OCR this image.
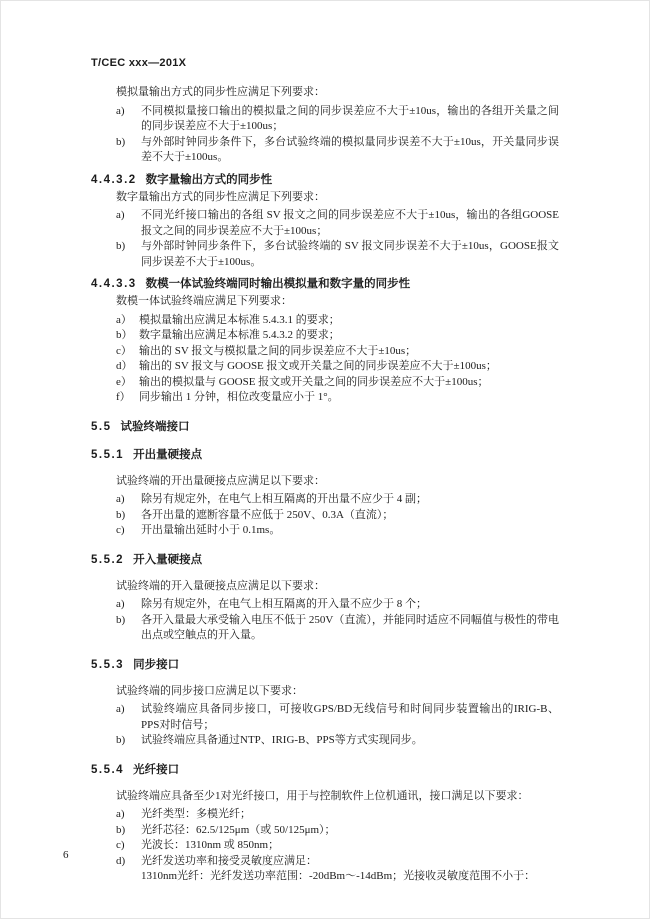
T/CEC xxx—201X

模拟量输出方式的同步性应满足下列要求：

a)	不同模拟量接口输出的模拟量之间的同步误差应不大于±10us，输出的各组开关量之间的同步误差应不大于±100us；
b)	与外部时钟同步条件下，多台试验终端的模拟量同步误差不大于±10us，开关量同步误差不大于±100us。
4.4.3.2 数字量输出方式的同步性

数字量输出方式的同步性应满足下列要求：

a)	不同光纤接口输出的各组 SV 报文之间的同步误差应不大于±10us，输出的各组GOOSE 报文之间的同步误差应不大于±100us；
b)	与外部时钟同步条件下，多台试验终端的 SV 报文同步误差不大于±10us，GOOSE报文同步误差不大于±100us。
4.4.3.3 数模一体试验终端同时输出模拟量和数字量的同步性

数模一体试验终端应满足下列要求：

a） 模拟量输出应满足本标准 5.4.3.1 的要求；
b） 数字量输出应满足本标准 5.4.3.2 的要求；
c） 输出的 SV 报文与模拟量之间的同步误差应不大于±10us；
d） 输出的 SV 报文与 GOOSE 报文或开关量之间的同步误差应不大于±100us；
e） 输出的模拟量与 GOOSE 报文或开关量之间的同步误差应不大于±100us；
f） 同步输出 1 分钟，相位改变量应小于 1°。
5.5 试验终端接口
5.5.1 开出量硬接点

试验终端的开出量硬接点应满足以下要求：

a)	除另有规定外，在电气上相互隔离的开出量不应少于 4 副；
b)	各开出量的遮断容量不应低于 250V、0.3A（直流）；
c)	开出量输出延时小于 0.1ms。
5.5.2 开入量硬接点

试验终端的开入量硬接点应满足以下要求：

a)	除另有规定外，在电气上相互隔离的开入量不应少于 8 个；
b)	各开入量最大承受输入电压不低于 250V（直流），并能同时适应不同幅值与极性的带电出点或空触点的开入量。
5.5.3 同步接口

试验终端的同步接口应满足以下要求：

a)	试验终端应具备同步接口，可接收GPS/BD无线信号和时间同步装置输出的IRIG-B、PPS对时信号；
b)	试验终端应具备通过NTP、IRIG-B、PPS等方式实现同步。
5.5.4 光纤接口

试验终端应具备至少1对光纤接口，用于与控制软件上位机通讯，接口满足以下要求：

a)	光纤类型：多模光纤；
b)	光纤芯径：62.5/125μm（或 50/125μm）；
c)	光波长：1310nm 或 850nm；
d)	光纤发送功率和接受灵敏度应满足：
1310nm光纤：光纤发送功率范围：-20dBm～-14dBm；光接收灵敏度范围不小于：
6
